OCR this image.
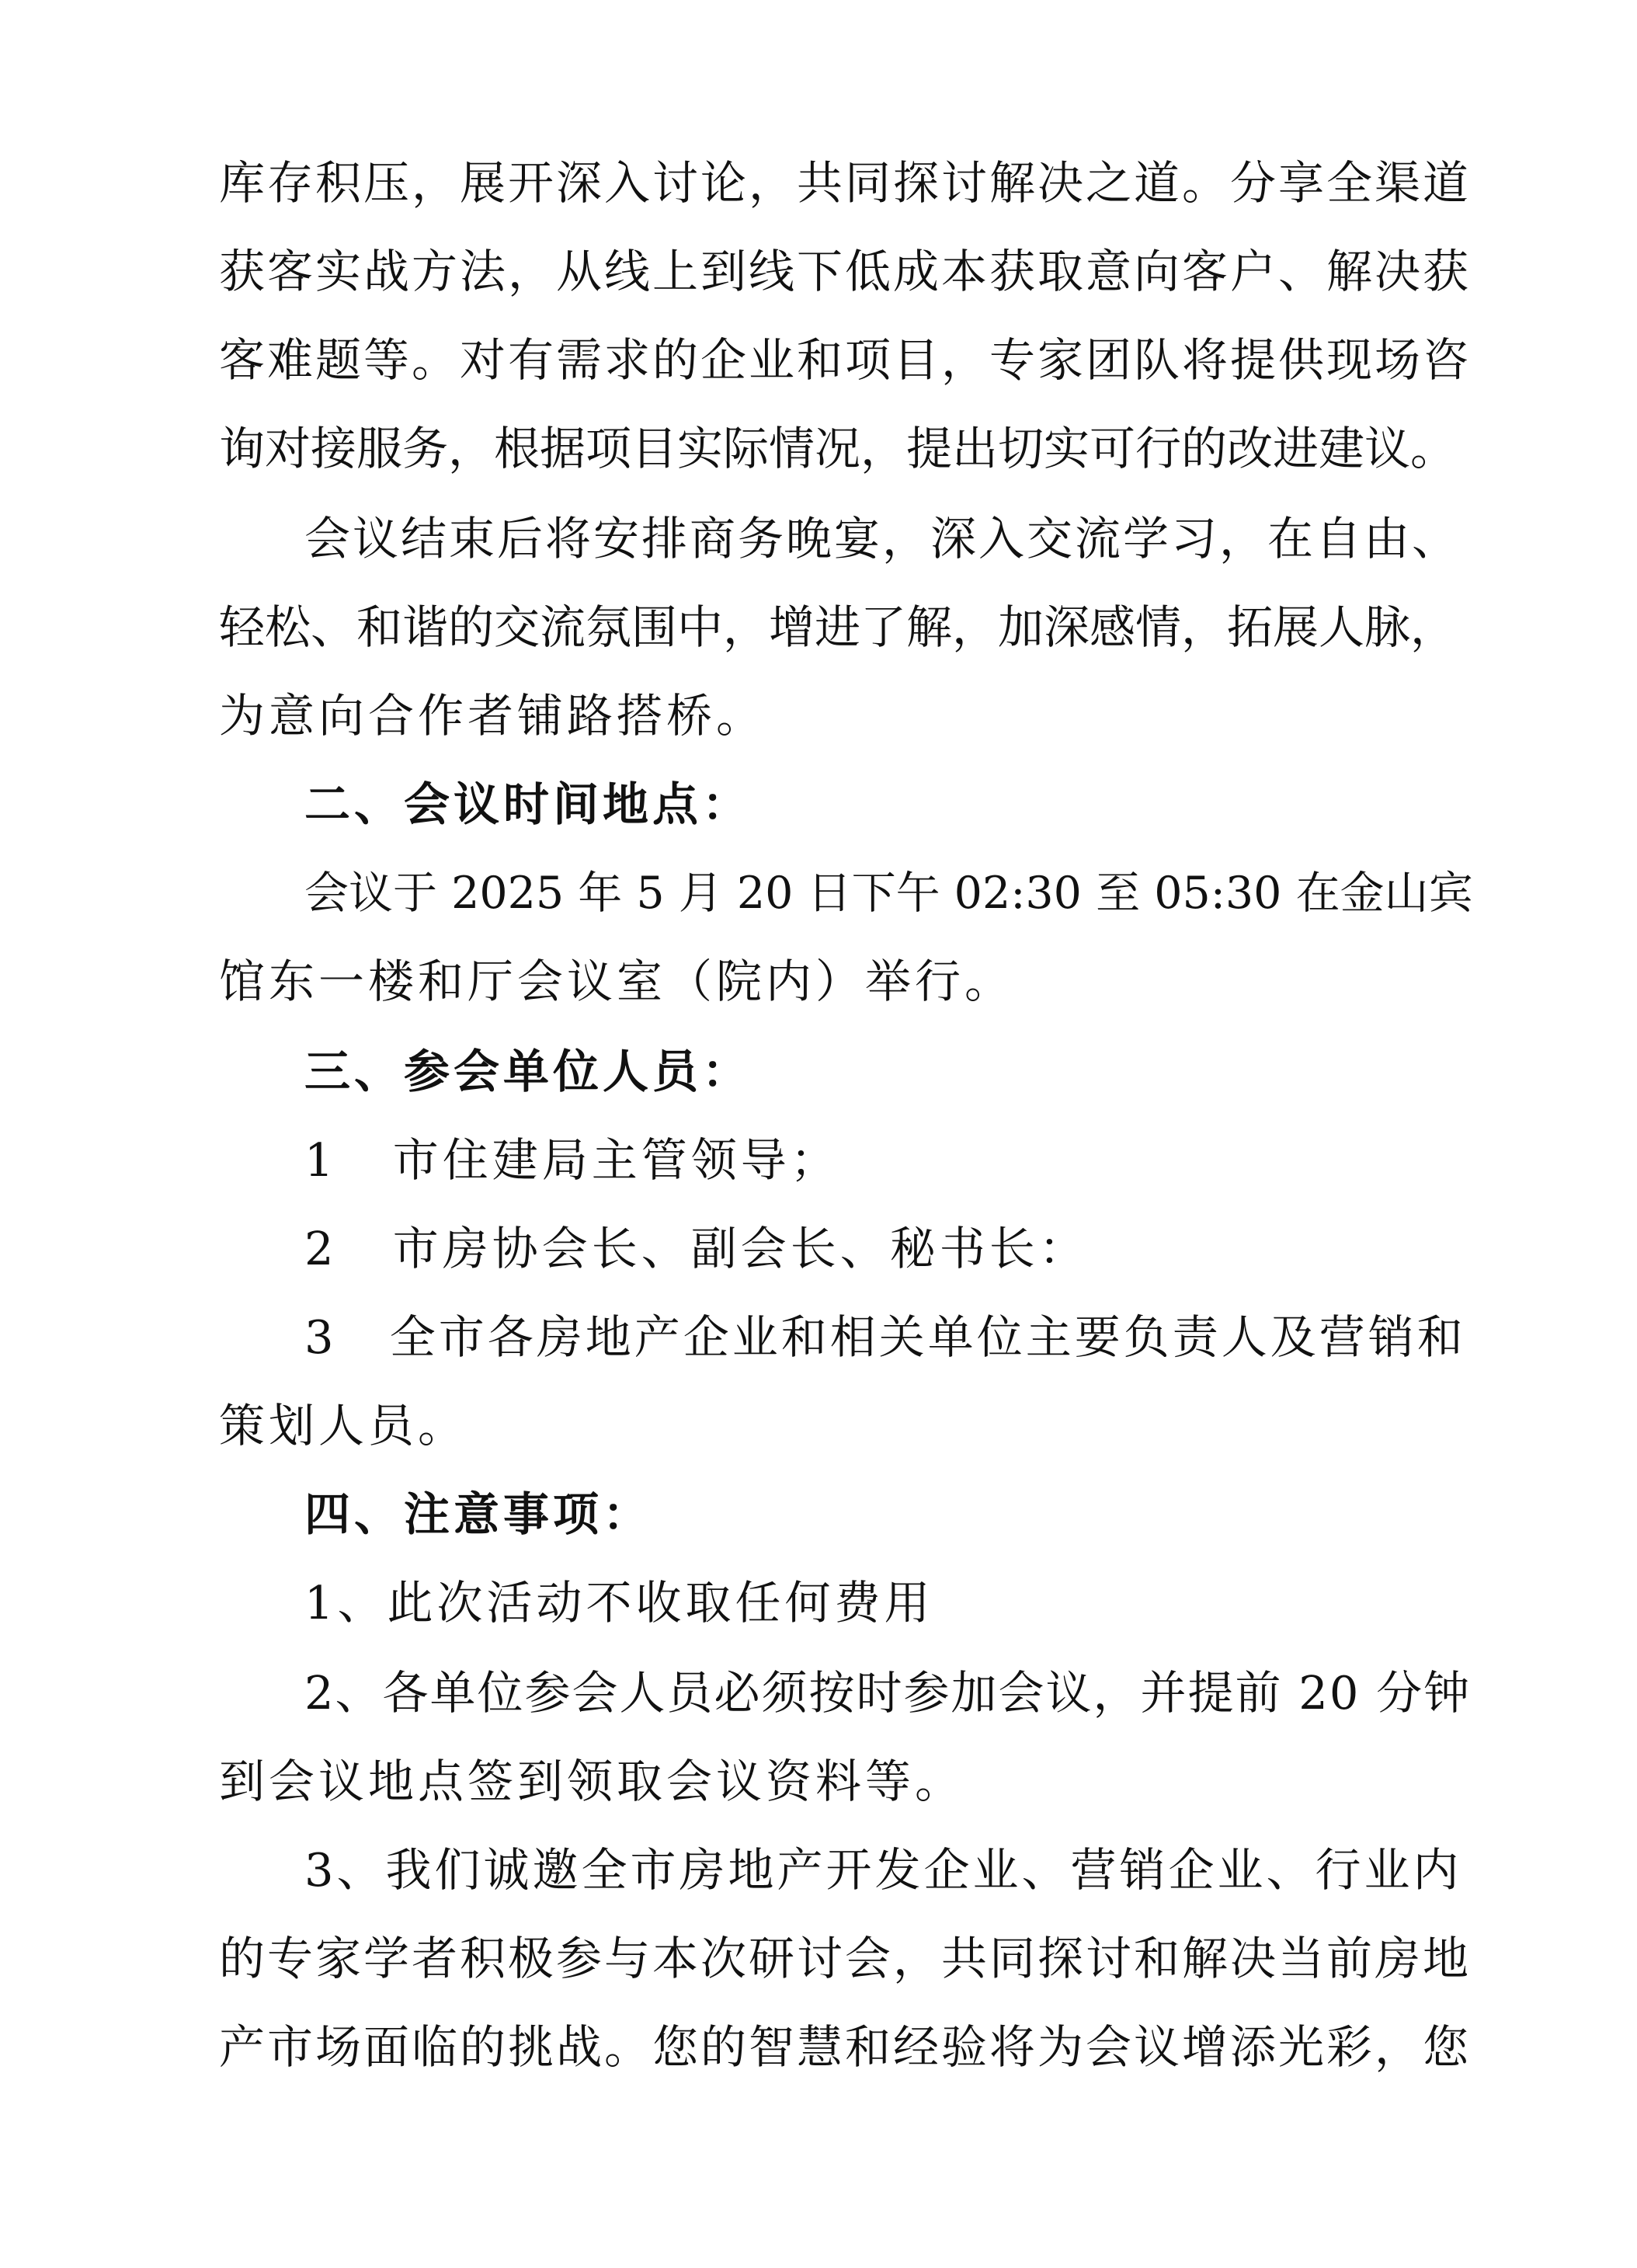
库存积压，展开深入讨论，共同探讨解决之道。分享全渠道
获客实战方法，从线上到线下低成本获取意向客户、解决获
客难题等。对有需求的企业和项目，专家团队将提供现场咨
询对接服务，根据项目实际情况，提出切实可行的改进建议。
会议结束后将安排商务晚宴，深入交流学习，在自由、
轻松、和谐的交流氛围中，增进了解，加深感情，拓展人脉，
为意向合作者铺路搭桥。
二、会议时间地点：
会议于 2025 年 5 月 20 日下午 02:30 至 05:30 在金山宾
馆东一楼和厅会议室（院内）举行。
三、参会单位人员：
1   市住建局主管领导；
2   市房协会长、副会长、秘书长：
3   全市各房地产企业和相关单位主要负责人及营销和
策划人员。
四、注意事项：
1、此次活动不收取任何费用
2、各单位参会人员必须按时参加会议，并提前 20 分钟
到会议地点签到领取会议资料等。
3、我们诚邀全市房地产开发企业、营销企业、行业内
的专家学者积极参与本次研讨会，共同探讨和解决当前房地
产市场面临的挑战。您的智慧和经验将为会议增添光彩，您
